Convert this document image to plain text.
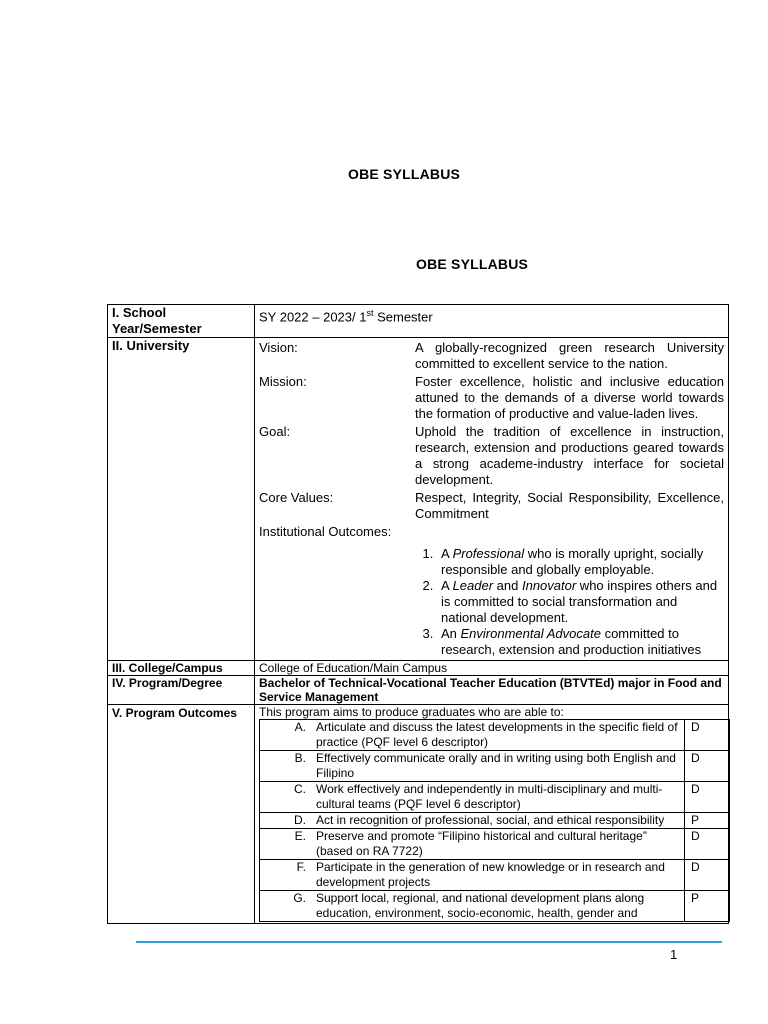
OBE SYLLABUS
OBE SYLLABUS
I. School Year/Semester	SY 2022 – 2023/ 1st Semester
II. University	Vision:	A globally-recognized green research University committed to excellent service to the nation.
Mission:	Foster excellence, holistic and inclusive education attuned to the demands of a diverse world towards the formation of productive and value-laden lives.
Goal:	Uphold the tradition of excellence in instruction, research, extension and productions geared towards a strong academe-industry interface for societal development.
Core Values:	Respect, Integrity, Social Responsibility, Excellence, Commitment
Institutional Outcomes:
1. A Professional who is morally upright, socially responsible and globally employable.
2. A Leader and Innovator who inspires others and is committed to social transformation and national development.
3. An Environmental Advocate committed to research, extension and production initiatives

III. College/Campus	College of Education/Main Campus
IV. Program/Degree	Bachelor of Technical-Vocational Teacher Education (BTVTEd) major in Food and Service Management
V. Program Outcomes	This program aims to produce graduates who are able to:
A.	Articulate and discuss the latest developments in the specific field of practice (PQF level 6 descriptor)	D
B.	Effectively communicate orally and in writing using both English and Filipino	D
C.	Work effectively and independently in multi-disciplinary and multi-cultural teams (PQF level 6 descriptor)	D
D.	Act in recognition of professional, social, and ethical responsibility	P
E.	Preserve and promote “Filipino historical and cultural heritage” (based on RA 7722)	D
F.	Participate in the generation of new knowledge or in research and development projects	D
G.	Support local, regional, and national development plans along education, environment, socio-economic, health, gender and	P
1
